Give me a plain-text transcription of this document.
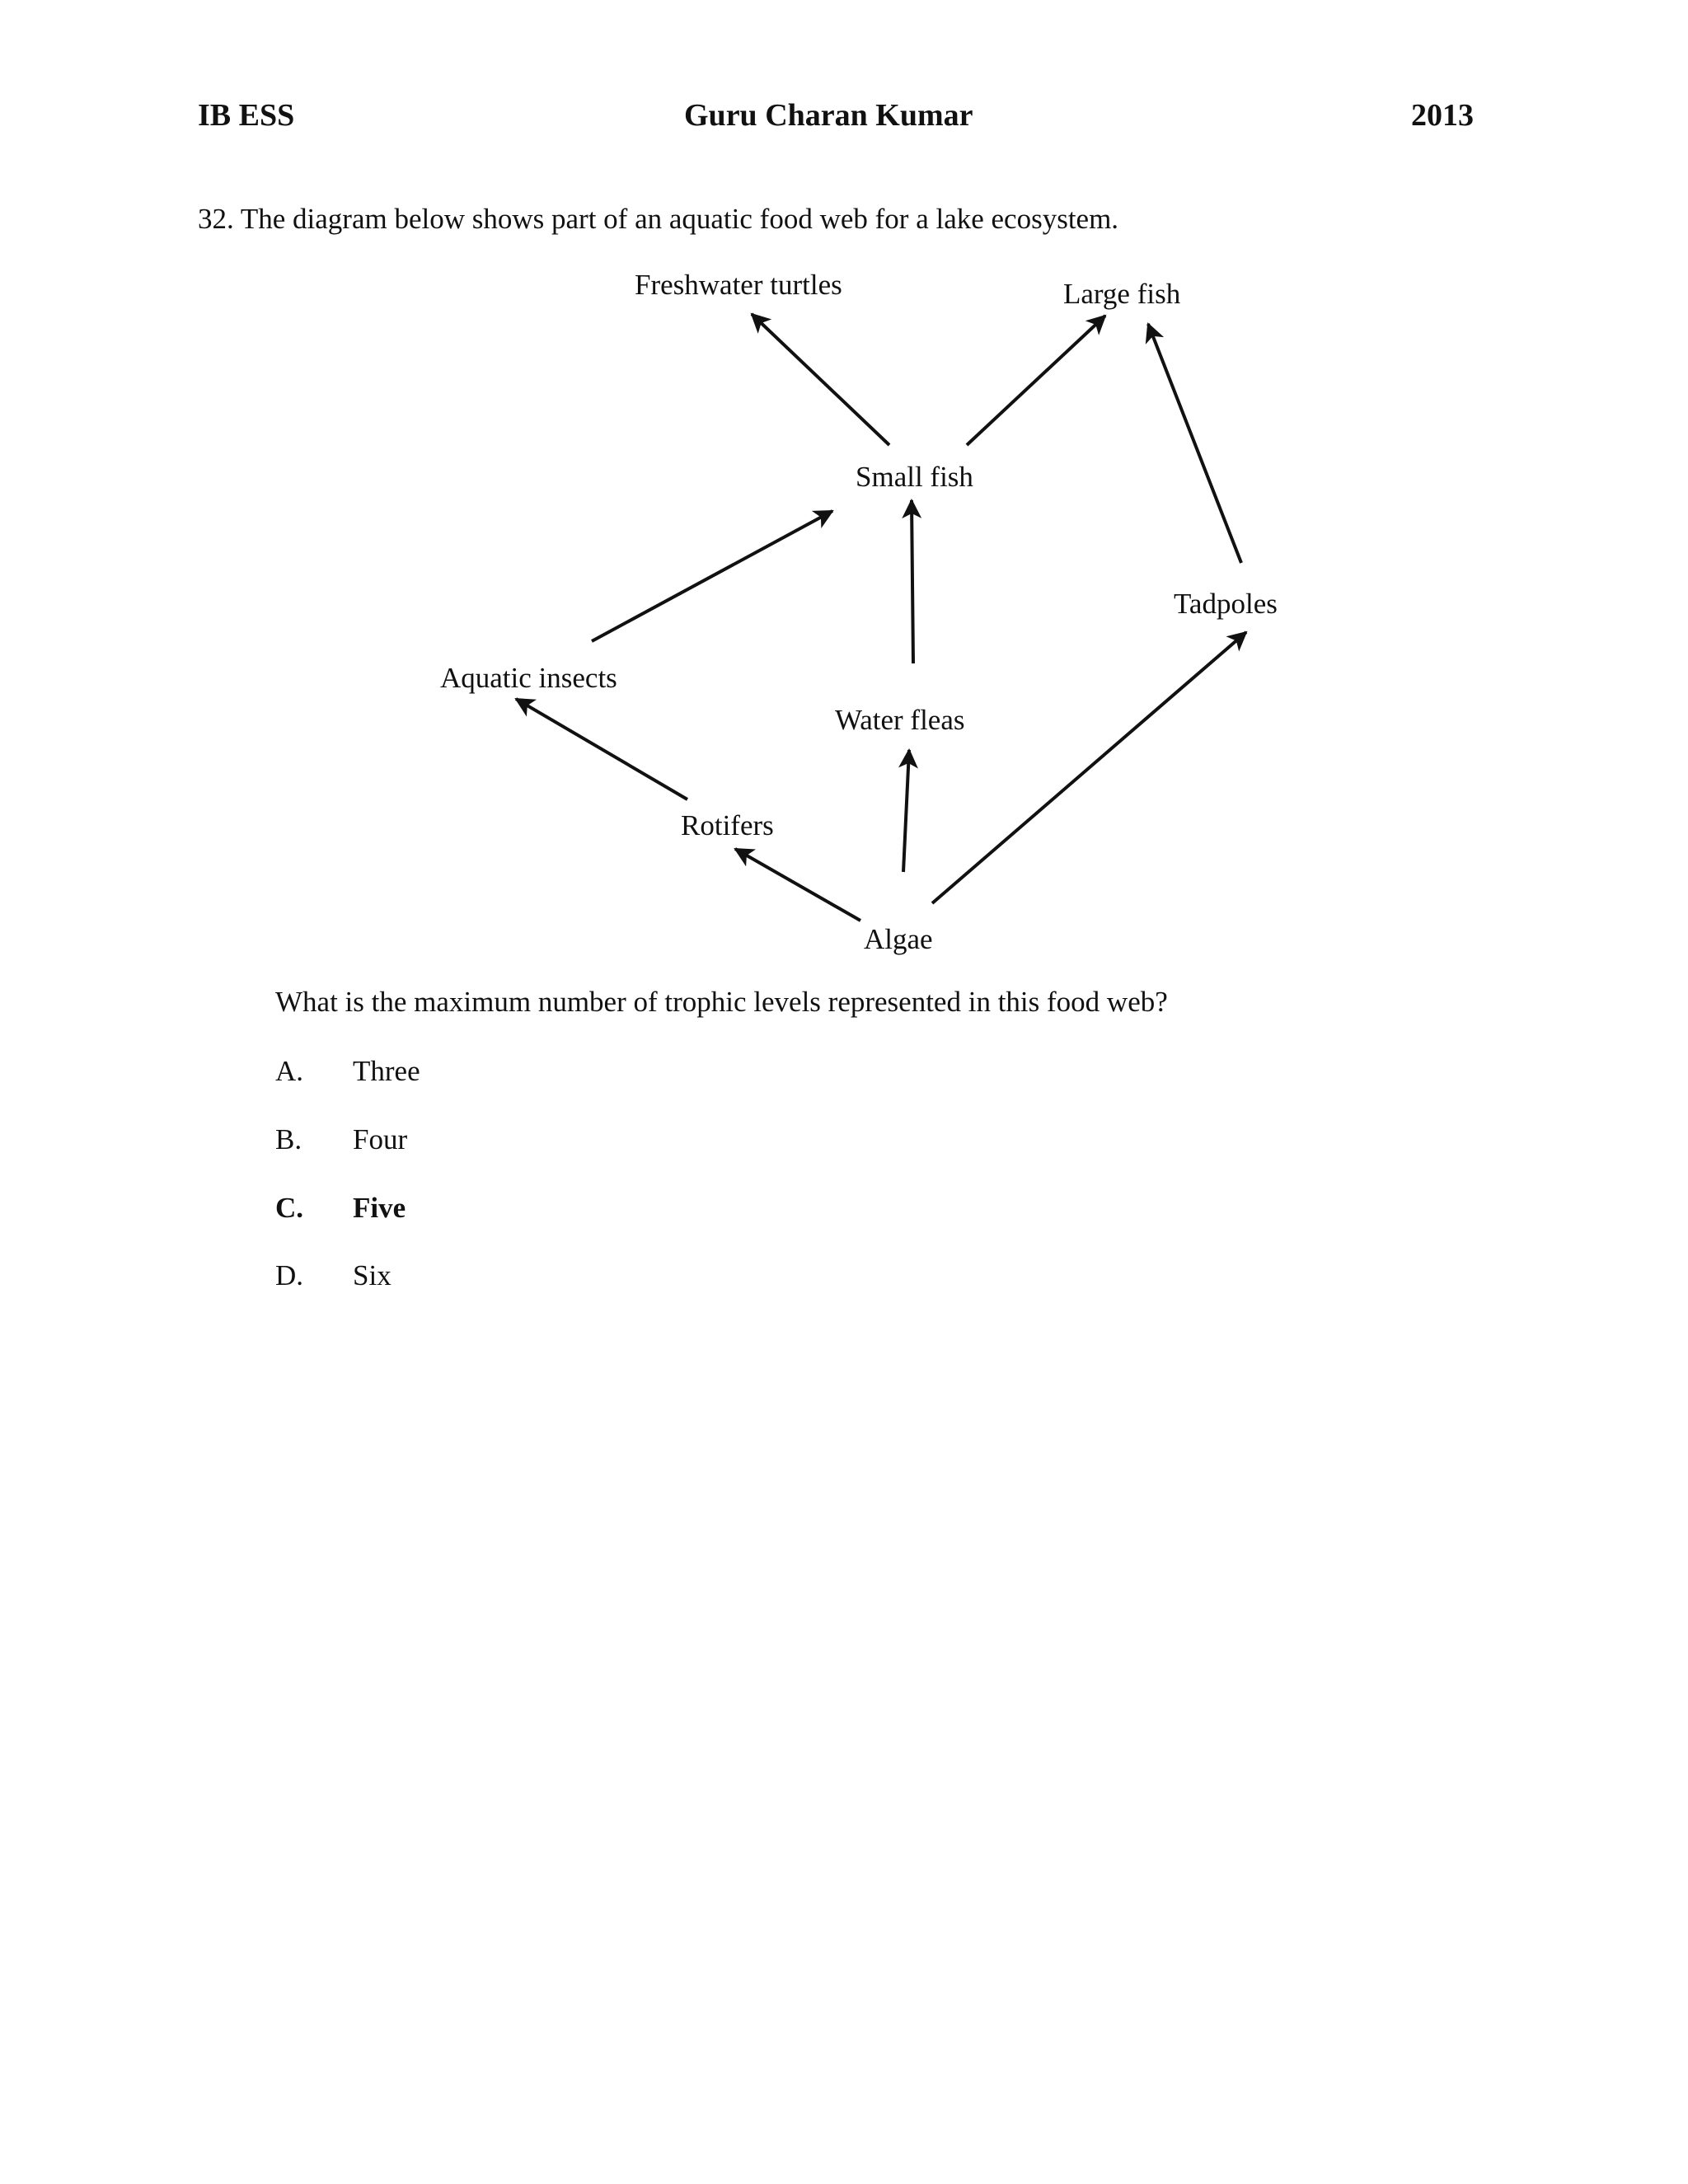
IB ESS	Guru Charan Kumar	2013
32. The diagram below shows part of an aquatic food web for a lake ecosystem.
Freshwater turtles	Large fish
Small fish
Tadpoles
Aquatic insects
Water fleas
Rotifers
Algae
What is the maximum number of trophic levels represented in this food web?
A. Three
B. Four
C. Five
D. Six
